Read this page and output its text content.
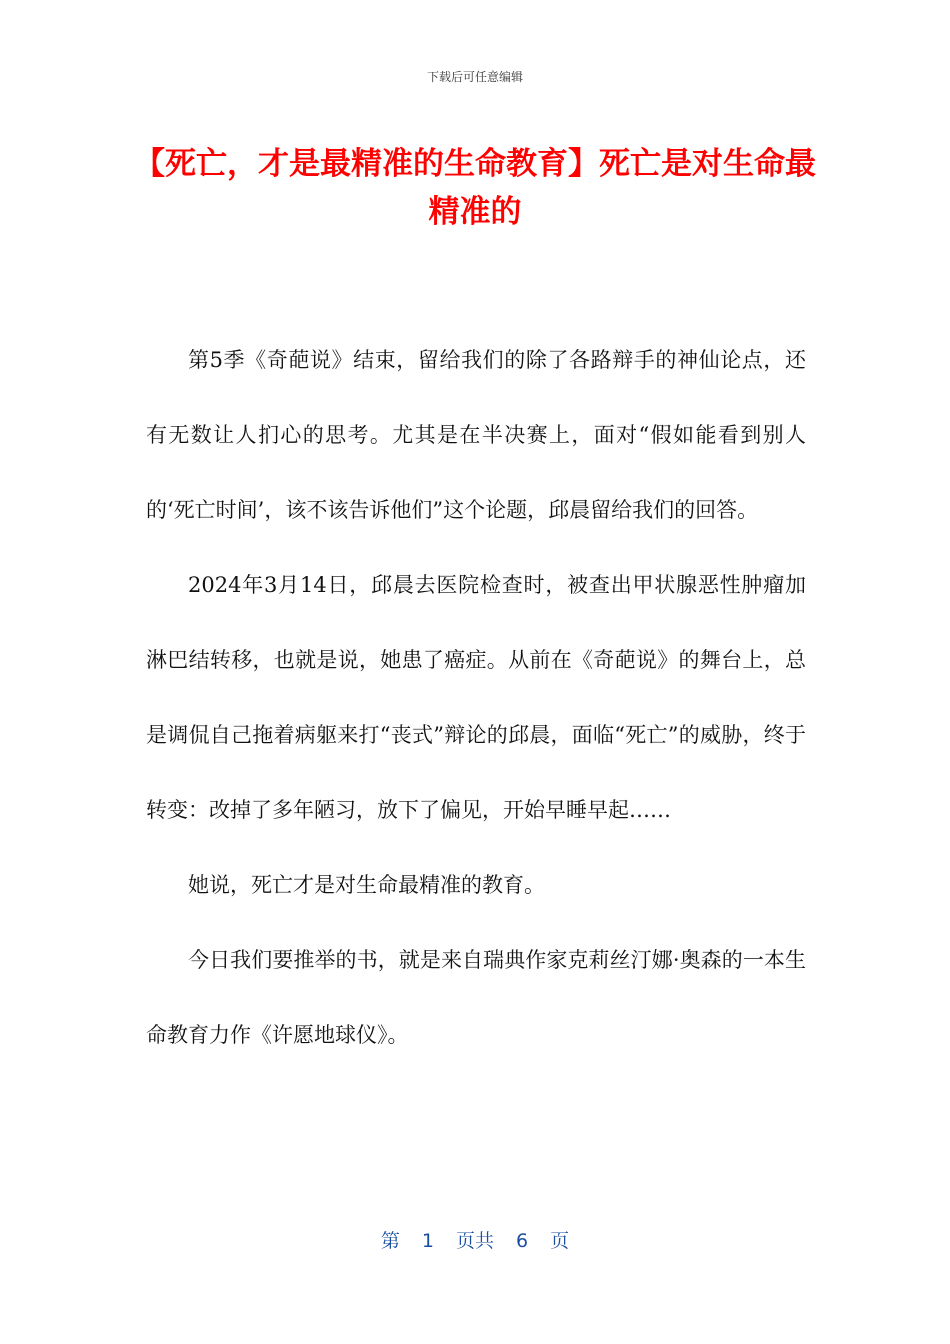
下载后可任意编辑
【死亡，才是最精准的生命教育】死亡是对生命最精准的

第5季《奇葩说》结束，留给我们的除了各路辩手的神仙论点，还有无数让人扪心的思考。尤其是在半决赛上，面对“假如能看到别人的‘死亡时间’，该不该告诉他们”这个论题，邱晨留给我们的回答。

2024年3月14日，邱晨去医院检查时，被查出甲状腺恶性肿瘤加淋巴结转移，也就是说，她患了癌症。从前在《奇葩说》的舞台上，总是调侃自己拖着病躯来打“丧式”辩论的邱晨，面临“死亡”的威胁，终于转变：改掉了多年陋习，放下了偏见，开始早睡早起……

她说，死亡才是对生命最精准的教育。

今日我们要推举的书，就是来自瑞典作家克莉丝汀娜·奥森的一本生命教育力作《许愿地球仪》。

第 1 页共 6 页
